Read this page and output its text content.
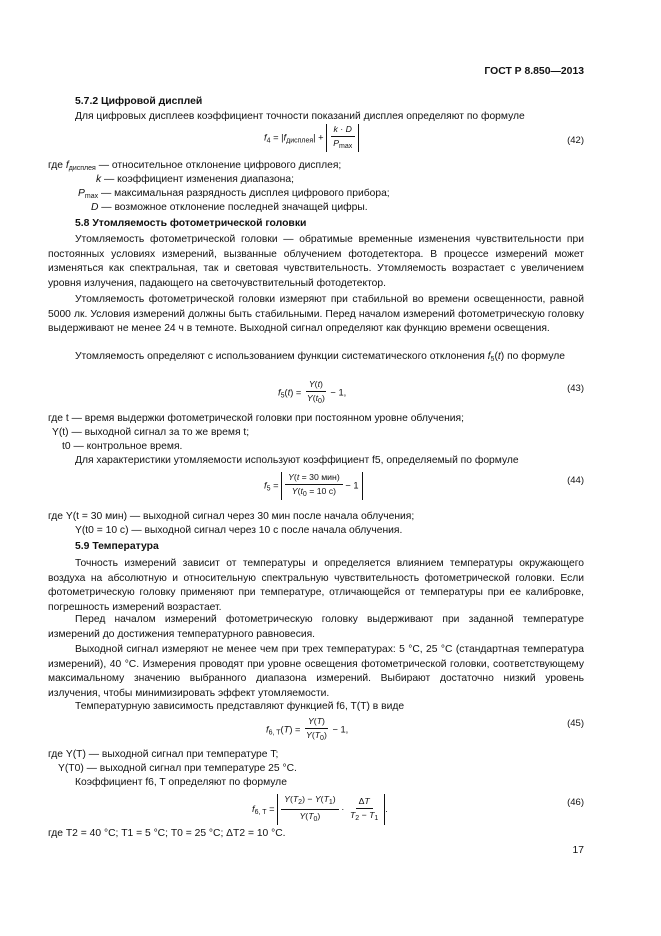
ГОСТ Р 8.850—2013
5.7.2 Цифровой дисплей
Для цифровых дисплеев коэффициент точности показаний дисплея определяют по формуле
$f_4 = |f_{дисплея}| + \frac{k \cdot D}{P_{max}}$	(42)
где $f_{дисплея}$ — относительное отклонение цифрового дисплея;
k — коэффициент изменения диапазона;
$P_{max}$ — максимальная разрядность дисплея цифрового прибора;
D — возможное отклонение последней значащей цифры.
5.8 Утомляемость фотометрической головки
Утомляемость фотометрической головки — обратимые временные изменения чувствительности при постоянных условиях измерений, вызванные облучением фотодетектора. В процессе измерений может изменяться как спектральная, так и световая чувствительность. Утомляемость возрастает с увеличением уровня излучения, падающего на светочувствительный фотодетектор.
Утомляемость фотометрической головки измеряют при стабильной во времени освещенности, равной 5000 лк. Условия измерений должны быть стабильными. Перед началом измерений фотометрическую головку выдерживают не менее 24 ч в темноте. Выходной сигнал определяют как функцию времени освещения.
Утомляемость определяют с использованием функции систематического отклонения $f_5(t)$ по формуле
$f_5(t) = \frac{Y(t)}{Y(t_0)} - 1$,	(43)
где t — время выдержки фотометрической головки при постоянном уровне облучения;
Y(t) — выходной сигнал за то же время t;
t0 — контрольное время.
Для характеристики утомляемости используют коэффициент f5, определяемый по формуле
$f_5 = \frac{\text{Y(t = 30 мин)}}{Y(t_0 = 10 с)} - 1$	(44)
где Y(t = 30 мин) — выходной сигнал через 30 мин после начала облучения;
Y(t0 = 10 с) — выходной сигнал через 10 с после начала облучения.
5.9 Температура
Точность измерений зависит от температуры и определяется влиянием температуры окружающего воздуха на абсолютную и относительную спектральную чувствительность фотометрической головки. Если фотометрическую головку применяют при температуре, отличающейся от температуры при ее калибровке, погрешность измерений возрастает.
Перед началом измерений фотометрическую головку выдерживают при заданной температуре измерений до достижения температурного равновесия.
Выходной сигнал измеряют не менее чем при трех температурах: 5 °С, 25 °С (стандартная температура измерений), 40 °С. Измерения проводят при уровне освещения фотометрической головки, соответствующему максимальному значению выбранного диапазона измерений. Выбирают достаточно низкий уровень излучения, чтобы минимизировать эффект утомляемости.
Температурную зависимость представляют функцией f6, T(T) в виде
$f_{6, T}(T) = \frac{Y(T)}{Y(T_0)} - 1$,
(45)
где Y(T) — выходной сигнал при температуре T;
Y(T0) — выходной сигнал при температуре 25 °С.
Коэффициент f6, T определяют по формуле
$f_{6, T} = \frac{Y(T_2) - Y(T_1)}{Y(T_0)} \cdot \frac{\Delta T}{T_2 - T_1}$ .
(46)
где T2 = 40 °С; T1 = 5 °С; T0 = 25 °С; ΔT2 = 10 °С.
17
